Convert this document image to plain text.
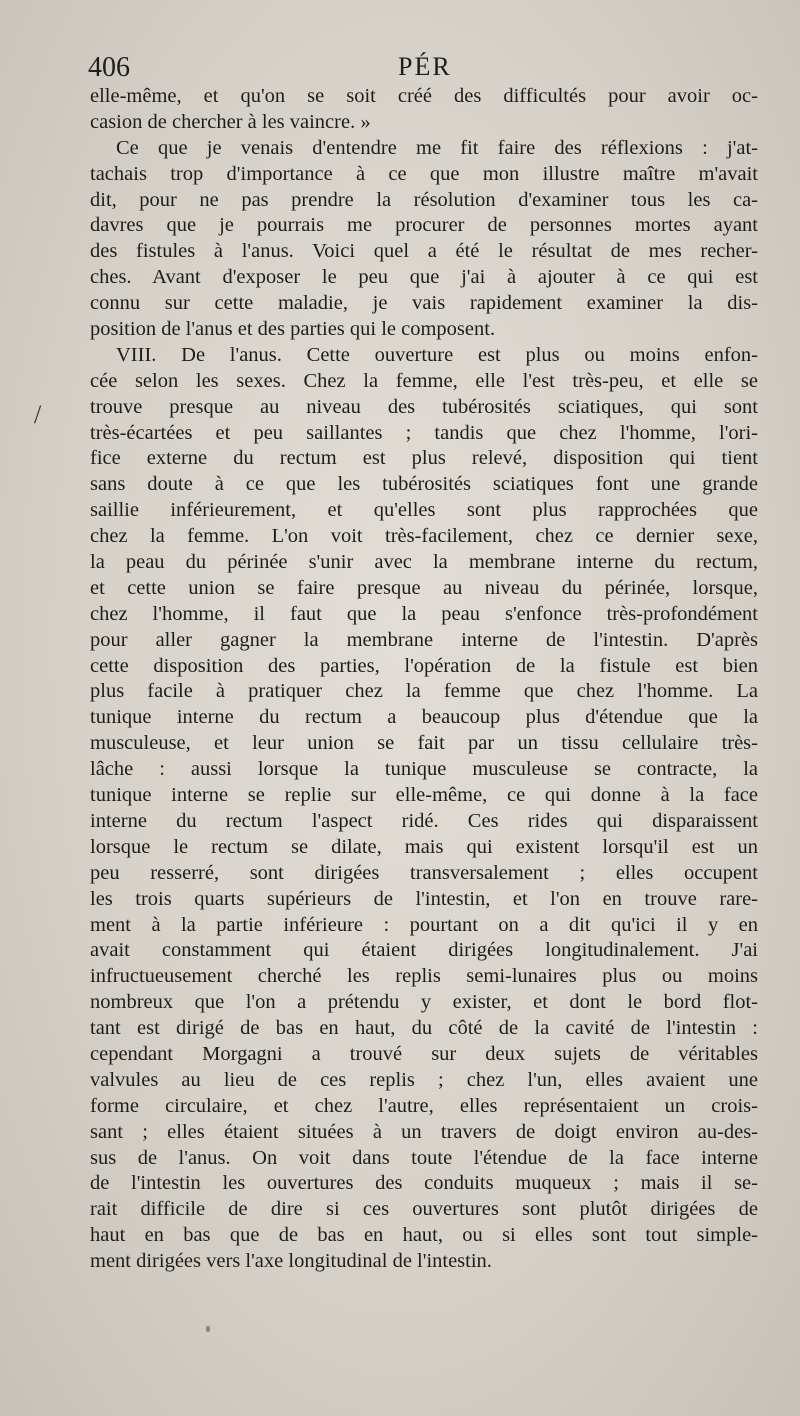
406	PÉR
/
elle-même, et qu'on se soit créé des difficultés pour avoir oc-
casion de chercher à les vaincre. »
Ce que je venais d'entendre me fit faire des réflexions : j'at-
tachais trop d'importance à ce que mon illustre maître m'avait
dit, pour ne pas prendre la résolution d'examiner tous les ca-
davres que je pourrais me procurer de personnes mortes ayant
des fistules à l'anus. Voici quel a été le résultat de mes recher-
ches. Avant d'exposer le peu que j'ai à ajouter à ce qui est
connu sur cette maladie, je vais rapidement examiner la dis-
position de l'anus et des parties qui le composent.
VIII. De l'anus. Cette ouverture est plus ou moins enfon-
cée selon les sexes. Chez la femme, elle l'est très-peu, et elle se
trouve presque au niveau des tubérosités sciatiques, qui sont
très-écartées et peu saillantes ; tandis que chez l'homme, l'ori-
fice externe du rectum est plus relevé, disposition qui tient
sans doute à ce que les tubérosités sciatiques font une grande
saillie inférieurement, et qu'elles sont plus rapprochées que
chez la femme. L'on voit très-facilement, chez ce dernier sexe,
la peau du périnée s'unir avec la membrane interne du rectum,
et cette union se faire presque au niveau du périnée, lorsque,
chez l'homme, il faut que la peau s'enfonce très-profondément
pour aller gagner la membrane interne de l'intestin. D'après
cette disposition des parties, l'opération de la fistule est bien
plus facile à pratiquer chez la femme que chez l'homme. La
tunique interne du rectum a beaucoup plus d'étendue que la
musculeuse, et leur union se fait par un tissu cellulaire très-
lâche : aussi lorsque la tunique musculeuse se contracte, la
tunique interne se replie sur elle-même, ce qui donne à la face
interne du rectum l'aspect ridé. Ces rides qui disparaissent
lorsque le rectum se dilate, mais qui existent lorsqu'il est un
peu resserré, sont dirigées transversalement ; elles occupent
les trois quarts supérieurs de l'intestin, et l'on en trouve rare-
ment à la partie inférieure : pourtant on a dit qu'ici il y en
avait constamment qui étaient dirigées longitudinalement. J'ai
infructueusement cherché les replis semi-lunaires plus ou moins
nombreux que l'on a prétendu y exister, et dont le bord flot-
tant est dirigé de bas en haut, du côté de la cavité de l'intestin :
cependant Morgagni a trouvé sur deux sujets de véritables
valvules au lieu de ces replis ; chez l'un, elles avaient une
forme circulaire, et chez l'autre, elles représentaient un crois-
sant ; elles étaient situées à un travers de doigt environ au-des-
sus de l'anus. On voit dans toute l'étendue de la face interne
de l'intestin les ouvertures des conduits muqueux ; mais il se-
rait difficile de dire si ces ouvertures sont plutôt dirigées de
haut en bas que de bas en haut, ou si elles sont tout simple-
ment dirigées vers l'axe longitudinal de l'intestin.
